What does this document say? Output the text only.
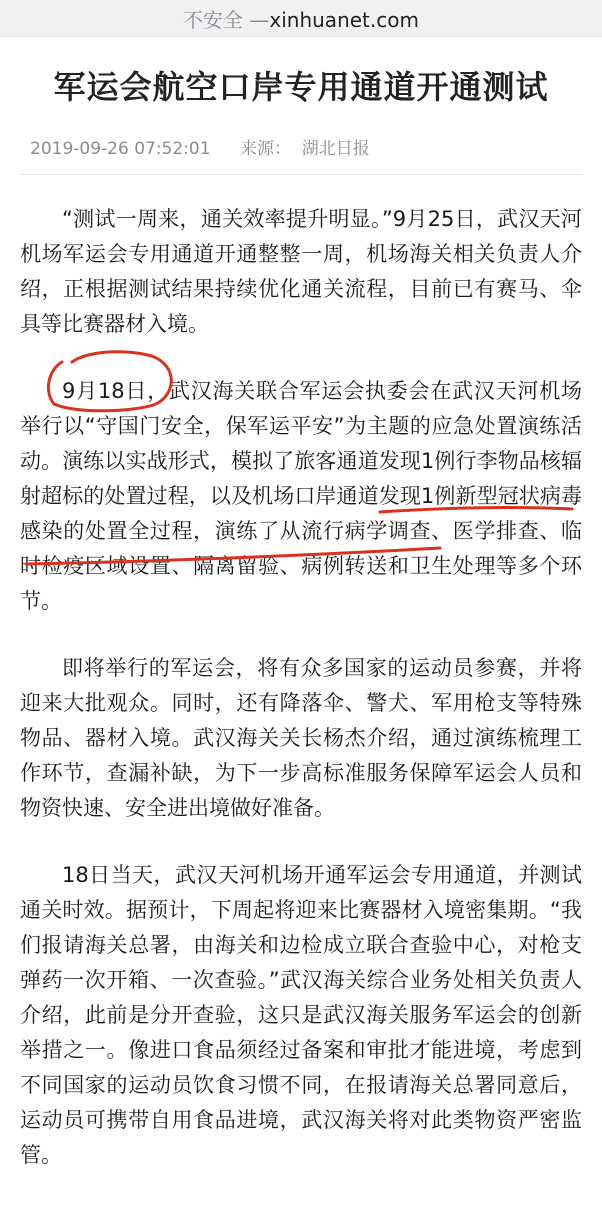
不安全 —xinhuanet.com
军运会航空口岸专用通道开通测试
2019-09-26 07:52:01 来源：  湖北日报

“测试一周来，通关效率提升明显。”9月25日，武汉天河机场军运会专用通道开通整整一周，机场海关相关负责人介绍，正根据测试结果持续优化通关流程，目前已有赛马、伞具等比赛器材入境。

9月18日，武汉海关联合军运会执委会在武汉天河机场举行以“守国门安全，保军运平安”为主题的应急处置演练活动。演练以实战形式，模拟了旅客通道发现1例行李物品核辐射超标的处置过程，以及机场口岸通道发现1例新型冠状病毒感染的处置全过程，演练了从流行病学调查、医学排查、临时检疫区域设置、隔离留验、病例转送和卫生处理等多个环节。

即将举行的军运会，将有众多国家的运动员参赛，并将迎来大批观众。同时，还有降落伞、警犬、军用枪支等特殊物品、器材入境。武汉海关关长杨杰介绍，通过演练梳理工作环节，查漏补缺，为下一步高标准服务保障军运会人员和物资快速、安全进出境做好准备。

18日当天，武汉天河机场开通军运会专用通道，并测试通关时效。据预计，下周起将迎来比赛器材入境密集期。“我们报请海关总署，由海关和边检成立联合查验中心，对枪支弹药一次开箱、一次查验。”武汉海关综合业务处相关负责人介绍，此前是分开查验，这只是武汉海关服务军运会的创新举措之一。像进口食品须经过备案和审批才能进境，考虑到不同国家的运动员饮食习惯不同，在报请海关总署同意后，运动员可携带自用食品进境，武汉海关将对此类物资严密监管。
